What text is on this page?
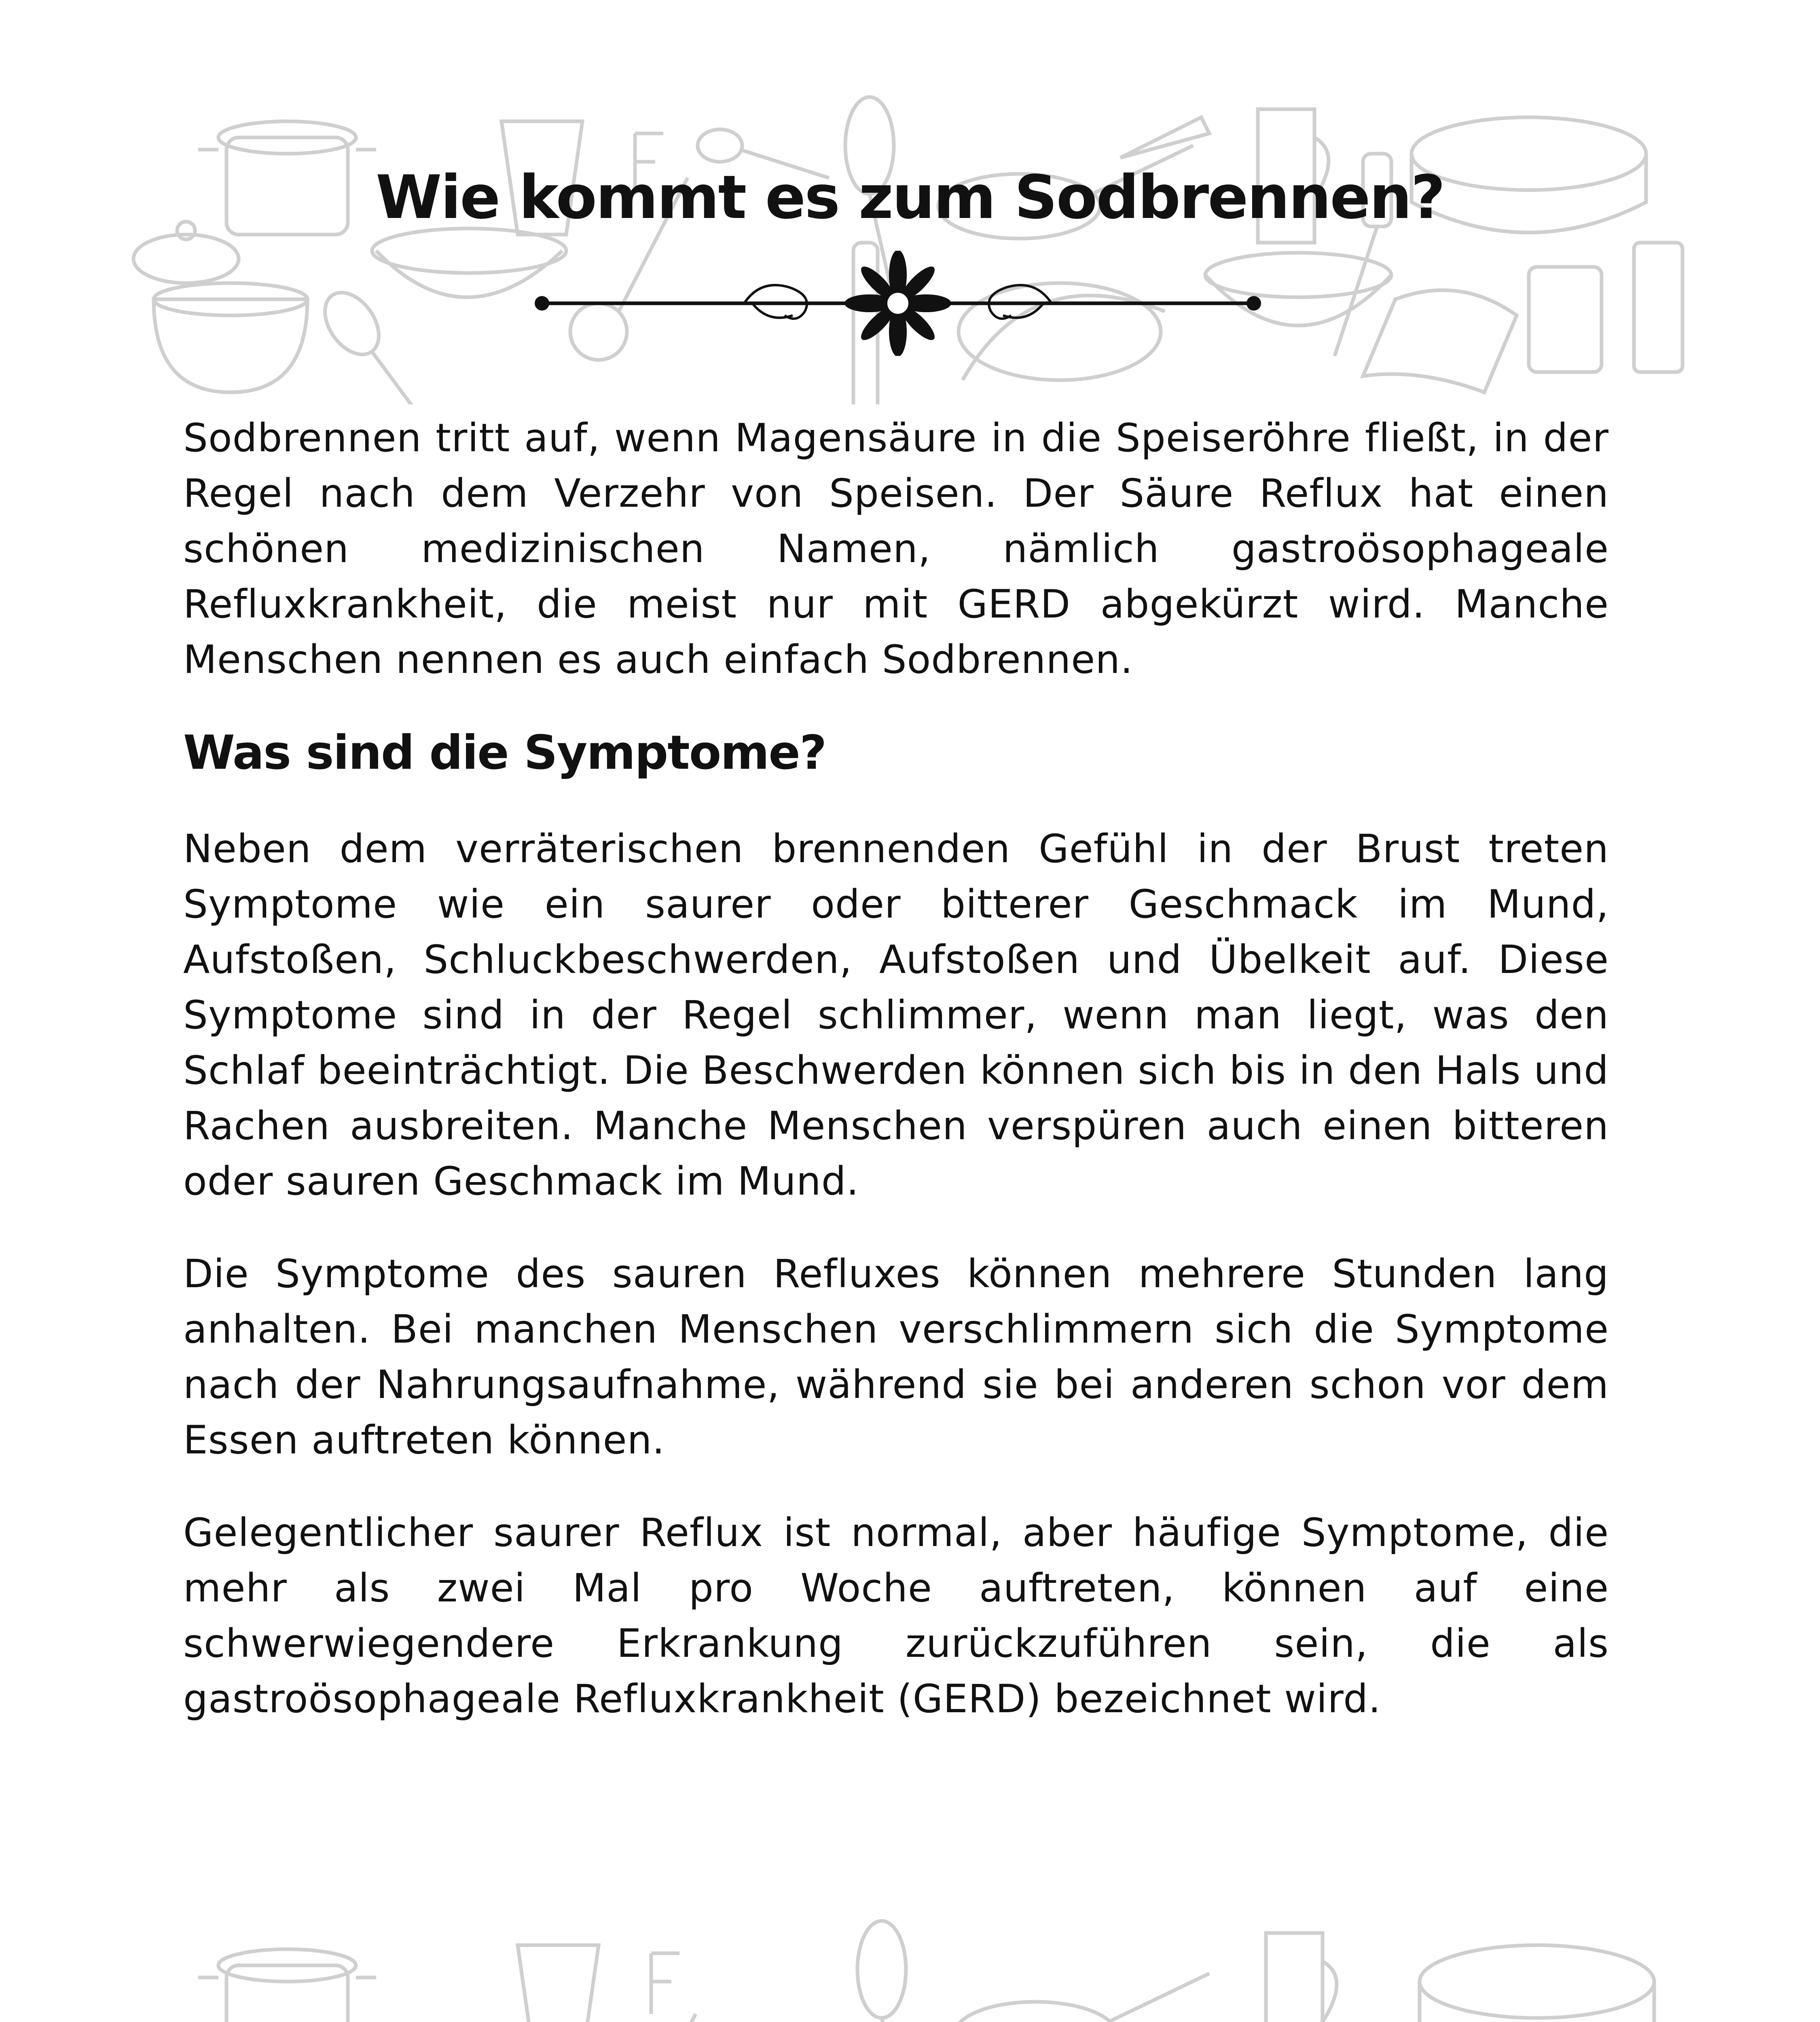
Wie kommt es zum Sodbrennen?

Sodbrennen tritt auf, wenn Magensäure in die Speiseröhre fließt, in der Regel nach dem Verzehr von Speisen. Der Säure Reflux hat einen schönen medizinischen Namen, nämlich gastroösophageale Refluxkrankheit, die meist nur mit GERD abgekürzt wird. Manche Menschen nennen es auch einfach Sodbrennen.

Was sind die Symptome?

Neben dem verräterischen brennenden Gefühl in der Brust treten Symptome wie ein saurer oder bitterer Geschmack im Mund, Aufstoßen, Schluckbeschwerden, Aufstoßen und Übelkeit auf. Diese Symptome sind in der Regel schlimmer, wenn man liegt, was den Schlaf beeinträchtigt. Die Beschwerden können sich bis in den Hals und Rachen ausbreiten. Manche Menschen verspüren auch einen bitteren oder sauren Geschmack im Mund.

Die Symptome des sauren Refluxes können mehrere Stunden lang anhalten. Bei manchen Menschen verschlimmern sich die Symptome nach der Nahrungsaufnahme, während sie bei anderen schon vor dem Essen auftreten können.

Gelegentlicher saurer Reflux ist normal, aber häufige Symptome, die mehr als zwei Mal pro Woche auftreten, können auf eine schwerwiegendere Erkrankung zurückzuführen sein, die als gastroösophageale Refluxkrankheit (GERD) bezeichnet wird.
